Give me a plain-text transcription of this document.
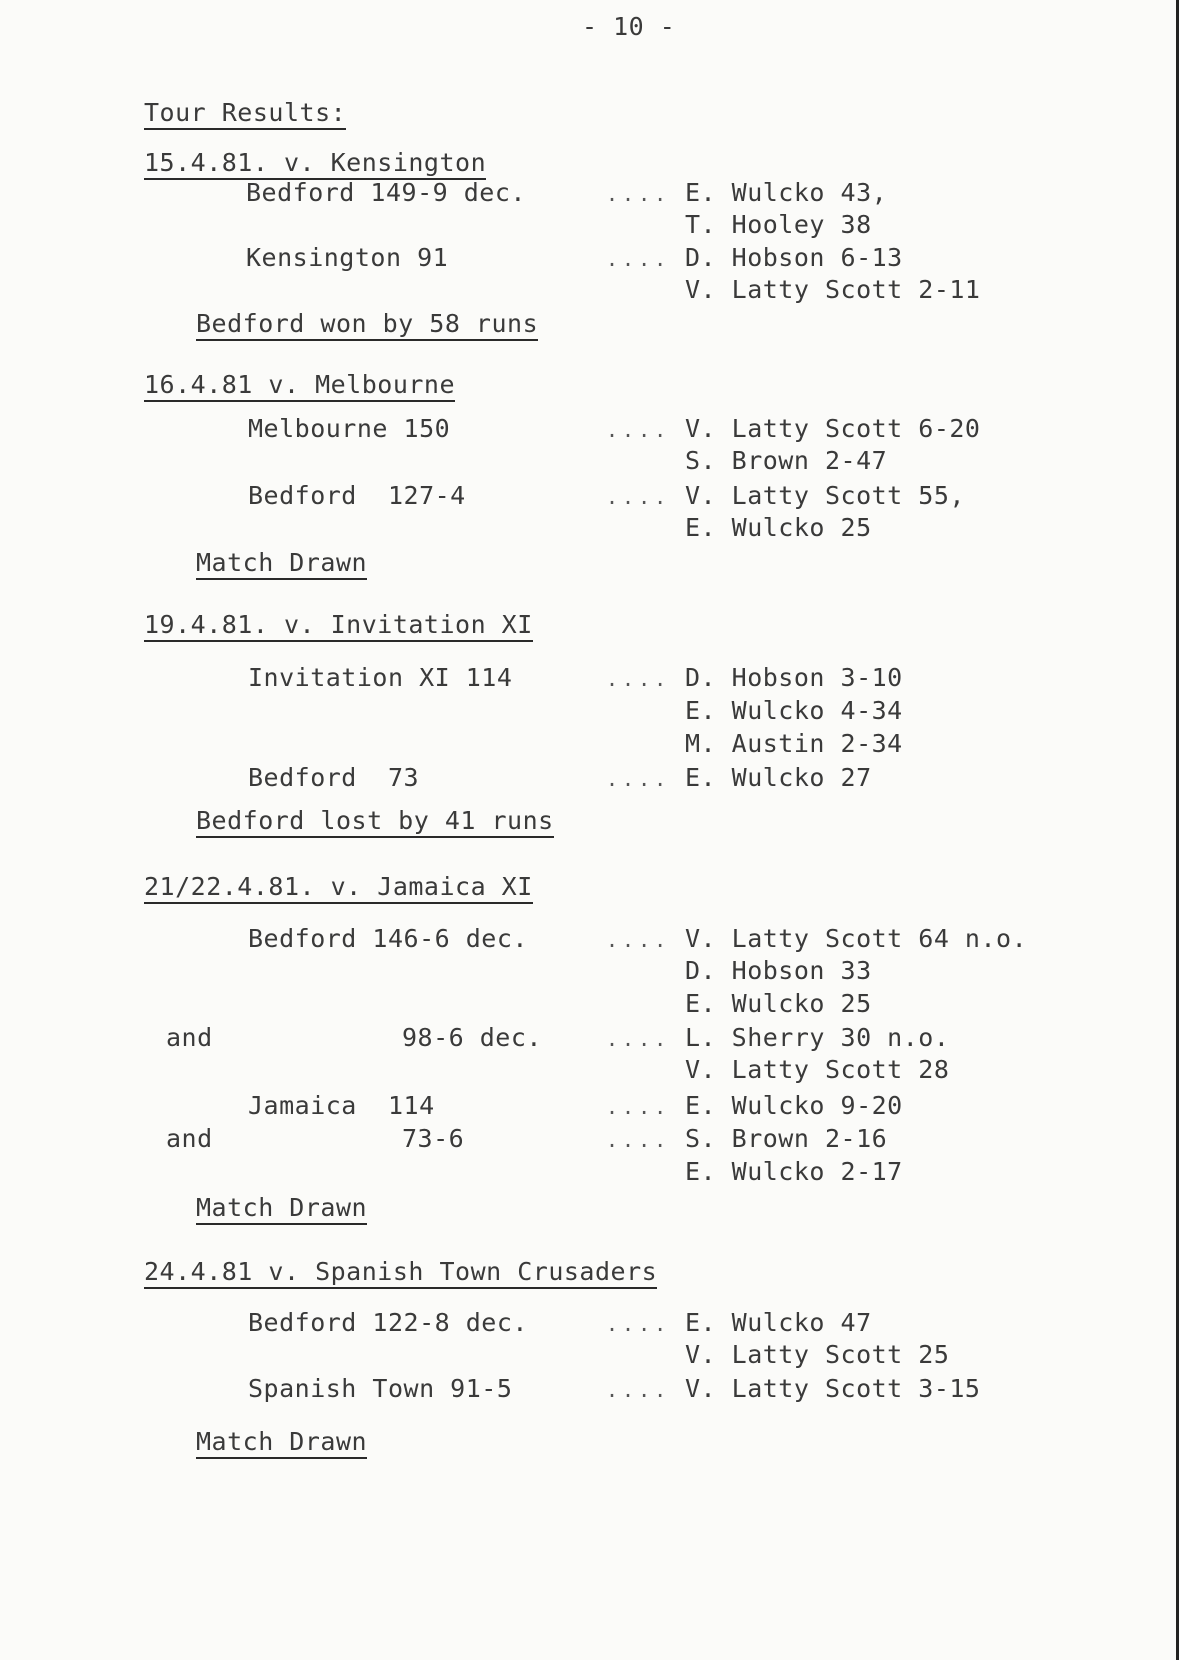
- 10 -
Tour Results:
15.4.81. v. Kensington
Bedford 149-9 dec.	.... E. Wulcko 43,
T. Hooley 38
Kensington 91	.... D. Hobson 6-13
V. Latty Scott 2-11
Bedford won by 58 runs
16.4.81 v. Melbourne
Melbourne 150	.... V. Latty Scott 6-20
S. Brown 2-47
Bedford  127-4	.... V. Latty Scott 55,
E. Wulcko 25
Match Drawn
19.4.81. v. Invitation XI
Invitation XI 114	.... D. Hobson 3-10
E. Wulcko 4-34
M. Austin 2-34
Bedford  73	.... E. Wulcko 27
Bedford lost by 41 runs
21/22.4.81. v. Jamaica XI
Bedford 146-6 dec.	.... V. Latty Scott 64 n.o.
D. Hobson 33
E. Wulcko 25
and	98-6 dec.	.... L. Sherry 30 n.o.
V. Latty Scott 28
Jamaica  114	.... E. Wulcko 9-20
and	73-6	.... S. Brown 2-16
E. Wulcko 2-17
Match Drawn
24.4.81 v. Spanish Town Crusaders
Bedford 122-8 dec.	.... E. Wulcko 47
V. Latty Scott 25
Spanish Town 91-5	.... V. Latty Scott 3-15
Match Drawn
